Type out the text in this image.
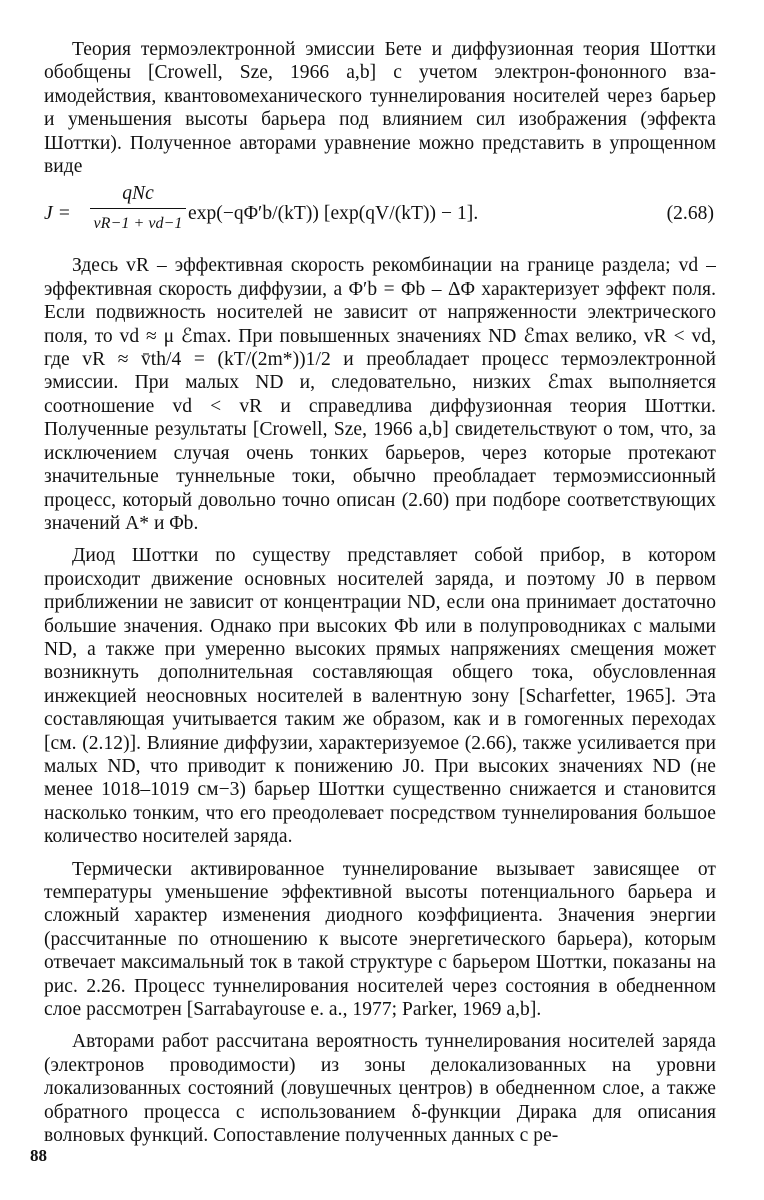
Теория термоэлектронной эмиссии Бете и диффузионная теория Шоттки обобщены [Crowell, Sze, 1966 a,b] с учетом электрон-фононного взаимодействия, квантовомеханического туннелирования носителей через барьер и уменьшения высоты барьера под влиянием сил изображения (эффекта Шоттки). Полученное авторами уравнение можно представить в упрощенном виде

J =
qNc
vR−1 + vd−1 exp(−qΦ′b/(kT)) [exp(qV/(kT)) − 1].	(2.68)

Здесь vR – эффективная скорость рекомбинации на границе раздела; vd – эффективная скорость диффузии, а Φ′b = Φb – ΔΦ характеризует эффект поля. Если подвижность носителей не зависит от напряженности электрического поля, то vd ≈ μ ℰmax. При повышенных значениях ND ℰmax велико, vR < vd, где vR ≈ v̄th/4 = (kT/(2m*))1/2 и преобладает процесс термоэлектронной эмиссии. При малых ND и, следовательно, низких ℰmax выполняется соотношение vd < vR и справедлива диффузионная теория Шоттки. Полученные результаты [Crowell, Sze, 1966 a,b] свидетельствуют о том, что, за исключением случая очень тонких барьеров, через которые протекают значительные туннельные токи, обычно преобладает термоэмиссионный процесс, который довольно точно описан (2.60) при подборе соответствующих значений A* и Φb.

Диод Шоттки по существу представляет собой прибор, в котором происходит движение основных носителей заряда, и поэтому J0 в первом приближении не зависит от концентрации ND, если она принимает достаточно большие значения. Однако при высоких Φb или в полупроводниках с малыми ND, а также при умеренно высоких прямых напряжениях смещения может возникнуть дополнительная составляющая общего тока, обусловленная инжекцией неосновных носителей в валентную зону [Scharfetter, 1965]. Эта составляющая учитывается таким же образом, как и в гомогенных переходах [см. (2.12)]. Влияние диффузии, характеризуемое (2.66), также усиливается при малых ND, что приводит к понижению J0. При высоких значениях ND (не менее 1018–1019 см−3) барьер Шоттки существенно снижается и становится насколько тонким, что его преодолевает посредством туннелирования большое количество носителей заряда.

Термически активированное туннелирование вызывает зависящее от температуры уменьшение эффективной высоты потенциального барьера и сложный характер изменения диодного коэффициента. Значения энергии (рассчитанные по отношению к высоте энергетического барьера), которым отвечает максимальный ток в такой структуре с барьером Шоттки, показаны на рис. 2.26. Процесс туннелирования носителей через состояния в обедненном слое рассмотрен [Sarrabayrouse e. a., 1977; Parker, 1969 a,b].

Авторами работ рассчитана вероятность туннелирования носителей заряда (электронов проводимости) из зоны делокализованных на уровни локализованных состояний (ловушечных центров) в обедненном слое, а также обратного процесса с использованием δ-функции Дирака для описания волновых функций. Сопоставление полученных данных с ре-

88
